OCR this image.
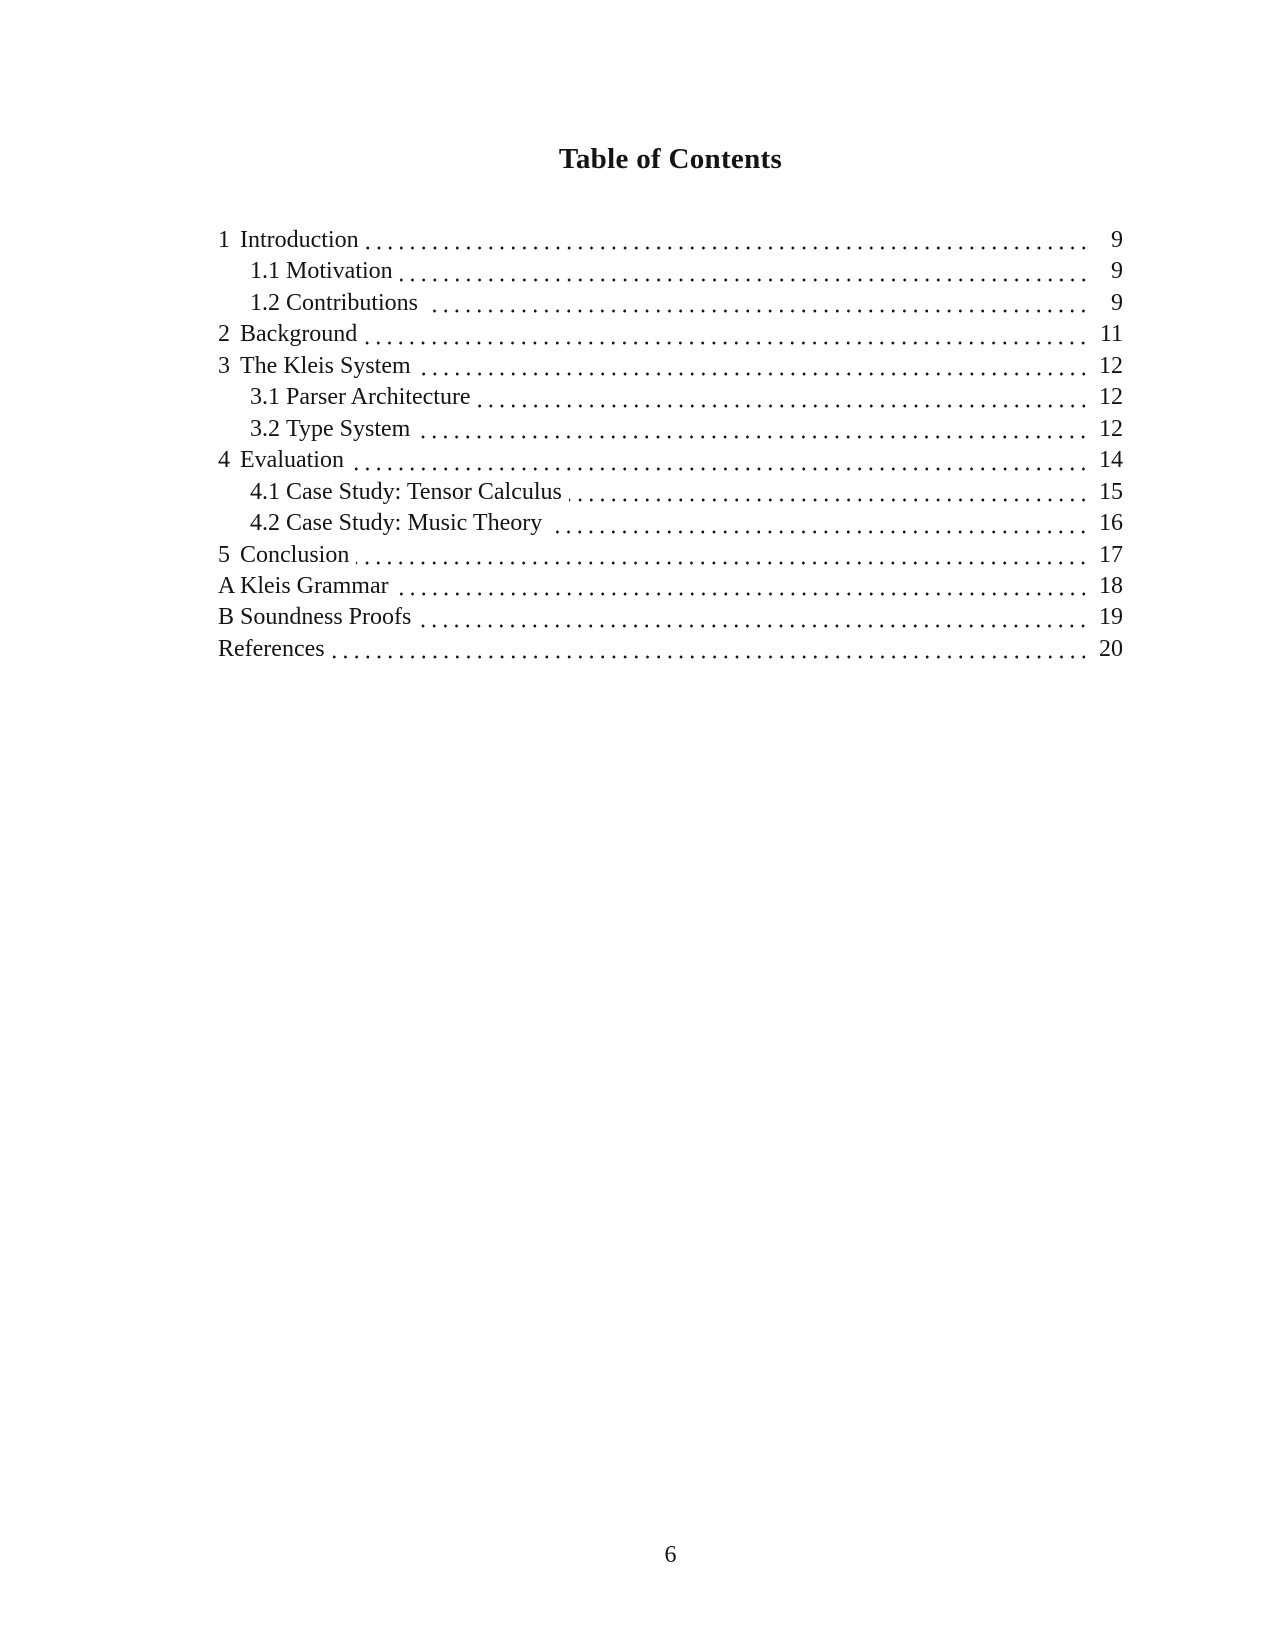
Table of Contents
1 Introduction	9
1.1 Motivation	9
1.2 Contributions	9
2 Background	11
3 The Kleis System	12
3.1 Parser Architecture	12
3.2 Type System	12
4 Evaluation	14
4.1 Case Study: Tensor Calculus	15
4.2 Case Study: Music Theory	16
5 Conclusion	17
A Kleis Grammar	18
B Soundness Proofs	19
References	20
6
